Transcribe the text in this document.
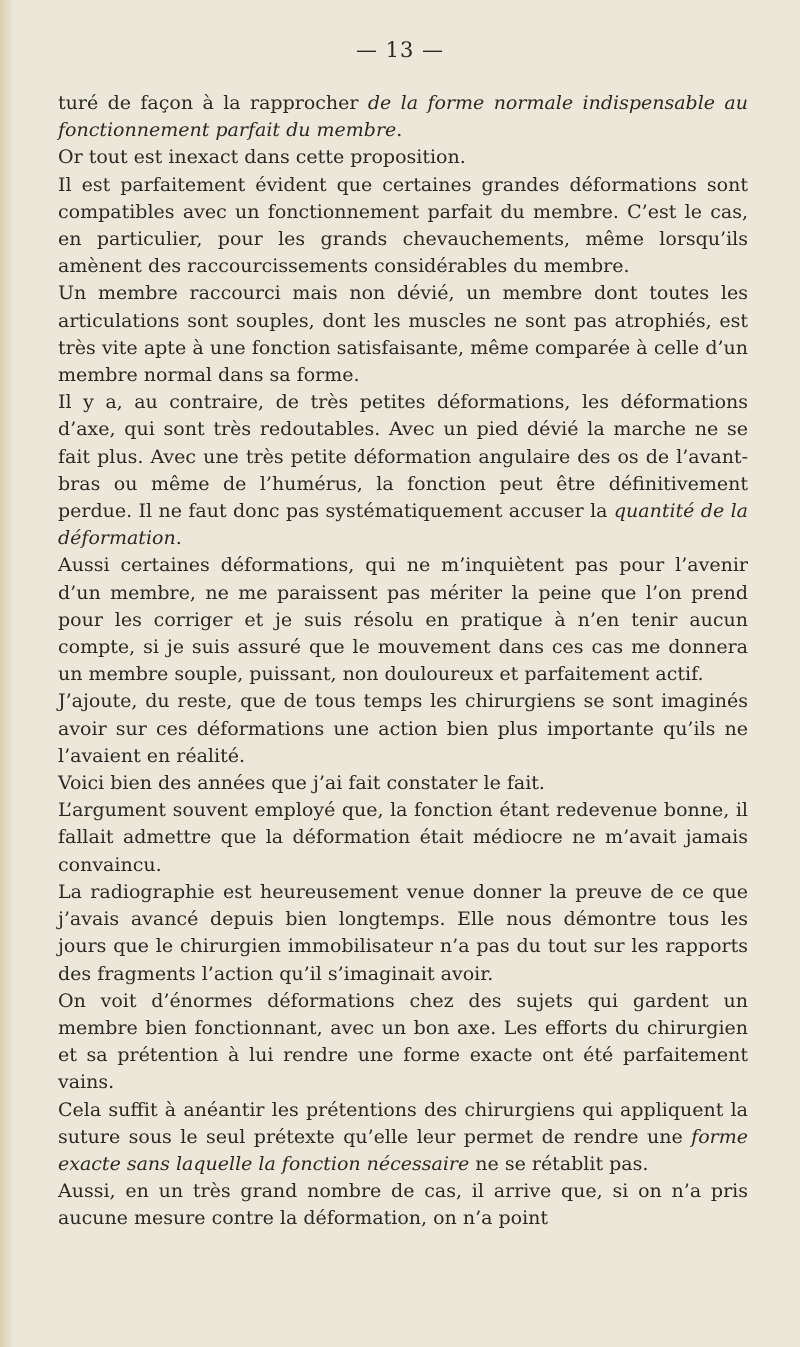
— 13 —

turé de façon à la rapprocher de la forme normale indispensable au fonctionnement parfait du membre.

Or tout est inexact dans cette proposition.

Il est parfaitement évident que certaines grandes déformations sont compatibles avec un fonctionnement parfait du membre. C’est le cas, en particulier, pour les grands chevauchements, même lorsqu’ils amènent des raccourcissements considérables du membre.

Un membre raccourci mais non dévié, un membre dont toutes les articulations sont souples, dont les muscles ne sont pas atrophiés, est très vite apte à une fonction satisfaisante, même comparée à celle d’un membre normal dans sa forme.

Il y a, au contraire, de très petites déformations, les déformations d’axe, qui sont très redoutables. Avec un pied dévié la marche ne se fait plus. Avec une très petite déformation angulaire des os de l’avant-bras ou même de l’humérus, la fonction peut être définitivement perdue. Il ne faut donc pas systématiquement accuser la quantité de la déformation.

Aussi certaines déformations, qui ne m’inquiètent pas pour l’avenir d’un membre, ne me paraissent pas mériter la peine que l’on prend pour les corriger et je suis résolu en pratique à n’en tenir aucun compte, si je suis assuré que le mouvement dans ces cas me donnera un membre souple, puissant, non douloureux et parfaitement actif.

J’ajoute, du reste, que de tous temps les chirurgiens se sont imaginés avoir sur ces déformations une action bien plus importante qu’ils ne l’avaient en réalité.

Voici bien des années que j’ai fait constater le fait.

L’argument souvent employé que, la fonction étant redevenue bonne, il fallait admettre que la déformation était médiocre ne m’avait jamais convaincu.

La radiographie est heureusement venue donner la preuve de ce que j’avais avancé depuis bien longtemps. Elle nous démontre tous les jours que le chirurgien immobilisateur n’a pas du tout sur les rapports des fragments l’action qu’il s’imaginait avoir.

On voit d’énormes déformations chez des sujets qui gardent un membre bien fonctionnant, avec un bon axe. Les efforts du chirurgien et sa prétention à lui rendre une forme exacte ont été parfaitement vains.

Cela suffit à anéantir les prétentions des chirurgiens qui appliquent la suture sous le seul prétexte qu’elle leur permet de rendre une forme exacte sans laquelle la fonction nécessaire ne se rétablit pas.

Aussi, en un très grand nombre de cas, il arrive que, si on n’a pris aucune mesure contre la déformation, on n’a point
